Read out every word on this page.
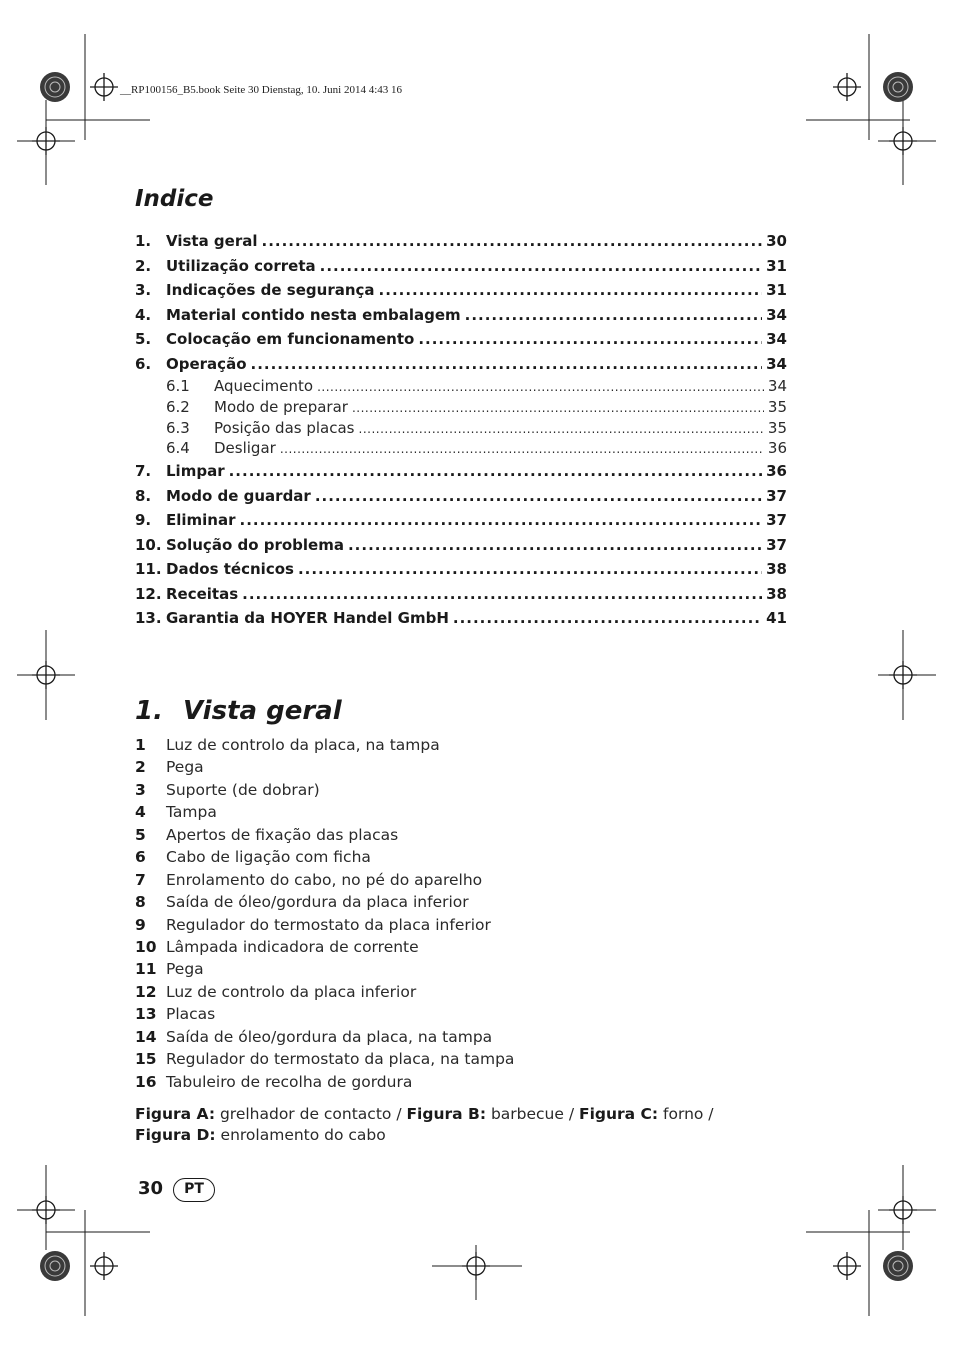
__RP100156_B5.book Seite 30 Dienstag, 10. Juni 2014 4:43 16
Indice
1. Vista geral .....	30
2. Utilização correta .....	31
3. Indicações de segurança .....	31
4. Material contido nesta embalagem .....	34
5. Colocação em funcionamento .....	34
6. Operação .....	34
6.1	Aquecimento .....	34
6.2	Modo de preparar .....	35
6.3	Posição das placas .....	35
6.4	Desligar .....	36
7. Limpar .....	36
8. Modo de guardar .....	37
9. Eliminar .....	37
10. Solução do problema .....	37
11. Dados técnicos .....	38
12. Receitas .....	38
13. Garantia da HOYER Handel GmbH .....	41
1. Vista geral
1	Luz de controlo da placa, na tampa
2	Pega
3	Suporte (de dobrar)
4	Tampa
5	Apertos de fixação das placas
6	Cabo de ligação com ficha
7	Enrolamento do cabo, no pé do aparelho
8	Saída de óleo/gordura da placa inferior
9	Regulador do termostato da placa inferior
10 Lâmpada indicadora de corrente
11 Pega
12 Luz de controlo da placa inferior
13 Placas
14 Saída de óleo/gordura da placa, na tampa
15 Regulador do termostato da placa, na tampa
16 Tabuleiro de recolha de gordura
Figura A: grelhador de contacto / Figura B: barbecue / Figura C: forno /
Figura D: enrolamento do cabo
30	PT
